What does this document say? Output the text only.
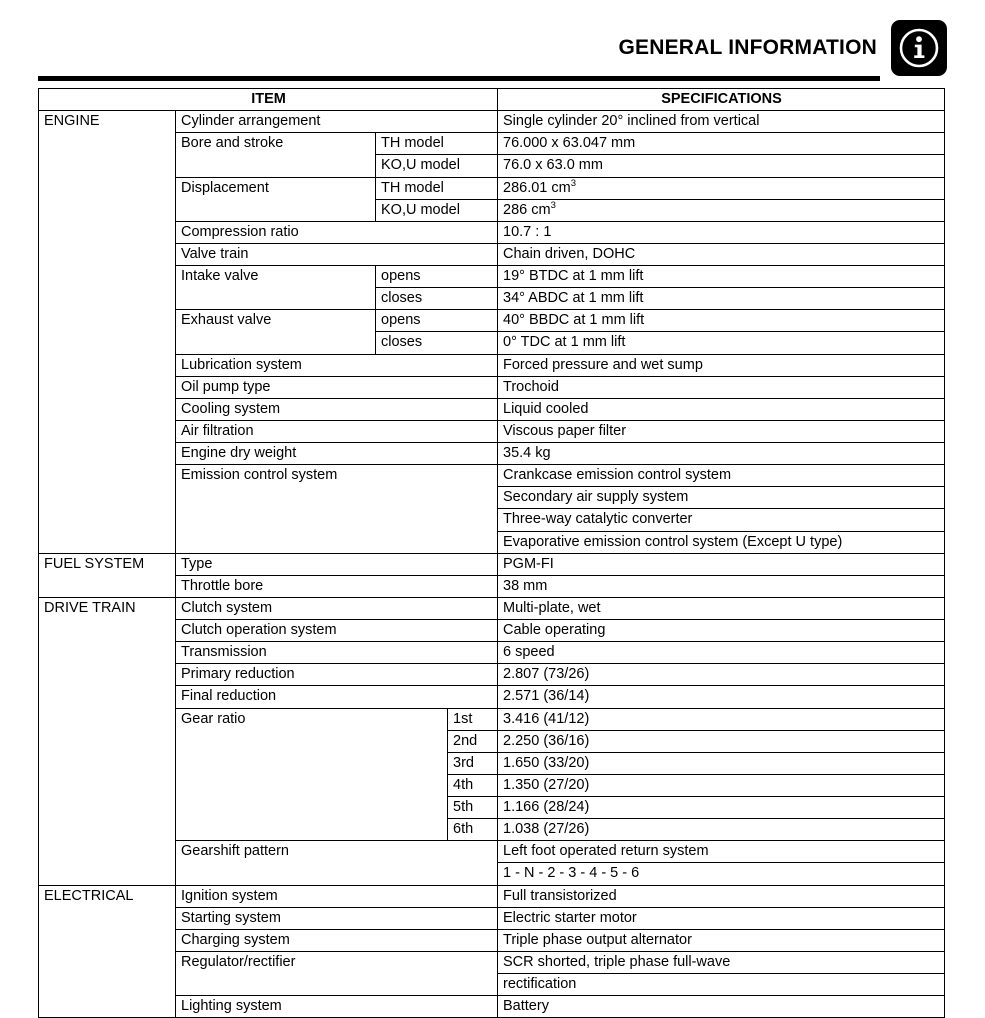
GENERAL INFORMATION
ITEM				SPECIFICATIONS
ENGINE	Cylinder arrangement			Single cylinder 20° inclined from vertical
	Bore and stroke	TH model		76.000 x 63.047 mm
		KO,U model		76.0 x 63.0 mm
	Displacement	TH model		286.01 $cm^3$
		KO,U model		286 $cm^3$
	Compression ratio			10.7 : 1
	Valve train			Chain driven, DOHC
	Intake valve	opens		19° BTDC at 1 mm lift
		closes		34° ABDC at 1 mm lift
	Exhaust valve	opens		40° BBDC at 1 mm lift
		closes		0° TDC at 1 mm lift
	Lubrication system			Forced pressure and wet sump
	Oil pump type			Trochoid
	Cooling system			Liquid cooled
	Air filtration			Viscous paper filter
	Engine dry weight			35.4 kg
	Emission control system			Crankcase emission control system
				Secondary air supply system
				Three-way catalytic converter
				Evaporative emission control system (Except U type)
FUEL SYSTEM	Type			PGM-FI
	Throttle bore			38 mm
DRIVE TRAIN	Clutch system			Multi-plate, wet
	Clutch operation system			Cable operating
	Transmission			6 speed
	Primary reduction			2.807 (73/26)
	Final reduction			2.571 (36/14)
	Gear ratio		1st	3.416 (41/12)
			2nd	2.250 (36/16)
			3rd	1.650 (33/20)
			4th	1.350 (27/20)
			5th	1.166 (28/24)
			6th	1.038 (27/26)
	Gearshift pattern			Left foot operated return system
				1 - N - 2 - 3 - 4 - 5 - 6
ELECTRICAL	Ignition system			Full transistorized
	Starting system			Electric starter motor
	Charging system			Triple phase output alternator
	Regulator/rectifier			SCR shorted, triple phase full-wave
				rectification
	Lighting system			Battery
